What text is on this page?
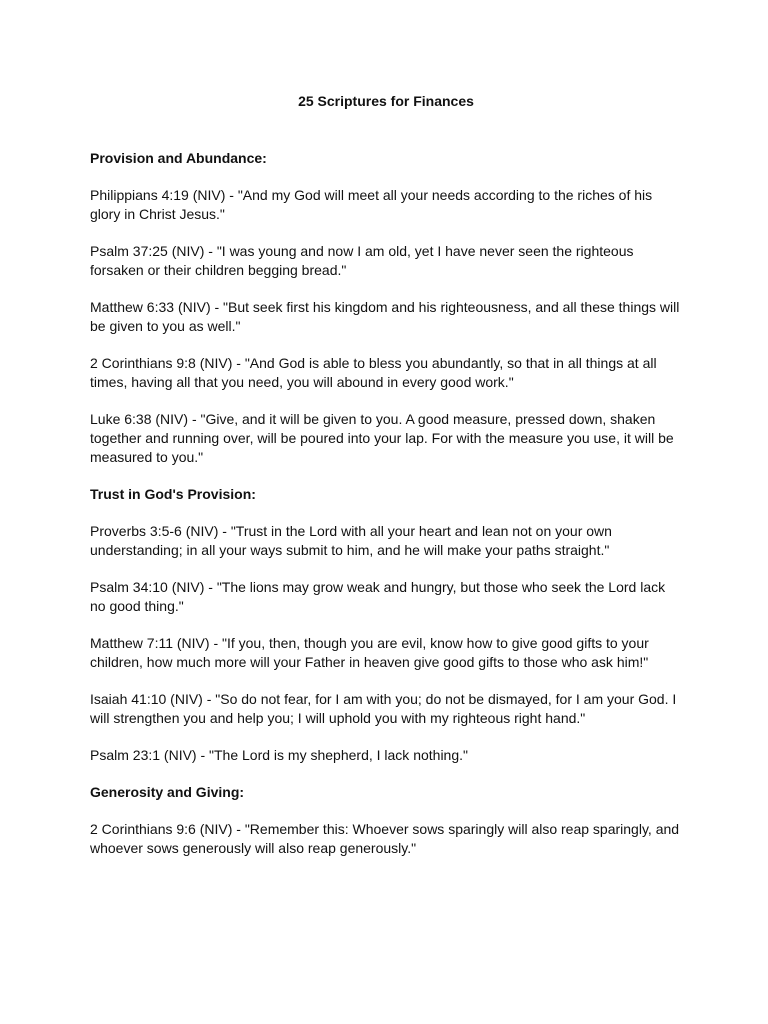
25 Scriptures for Finances
Provision and Abundance:
Philippians 4:19 (NIV) - "And my God will meet all your needs according to the riches of his glory in Christ Jesus."
Psalm 37:25 (NIV) - "I was young and now I am old, yet I have never seen the righteous forsaken or their children begging bread."
Matthew 6:33 (NIV) - "But seek first his kingdom and his righteousness, and all these things will be given to you as well."
2 Corinthians 9:8 (NIV) - "And God is able to bless you abundantly, so that in all things at all times, having all that you need, you will abound in every good work."
Luke 6:38 (NIV) - "Give, and it will be given to you. A good measure, pressed down, shaken together and running over, will be poured into your lap. For with the measure you use, it will be measured to you."
Trust in God's Provision:
Proverbs 3:5-6 (NIV) - "Trust in the Lord with all your heart and lean not on your own understanding; in all your ways submit to him, and he will make your paths straight."
Psalm 34:10 (NIV) - "The lions may grow weak and hungry, but those who seek the Lord lack no good thing."
Matthew 7:11 (NIV) - "If you, then, though you are evil, know how to give good gifts to your children, how much more will your Father in heaven give good gifts to those who ask him!"
Isaiah 41:10 (NIV) - "So do not fear, for I am with you; do not be dismayed, for I am your God. I will strengthen you and help you; I will uphold you with my righteous right hand."
Psalm 23:1 (NIV) - "The Lord is my shepherd, I lack nothing."
Generosity and Giving:
2 Corinthians 9:6 (NIV) - "Remember this: Whoever sows sparingly will also reap sparingly, and whoever sows generously will also reap generously."
